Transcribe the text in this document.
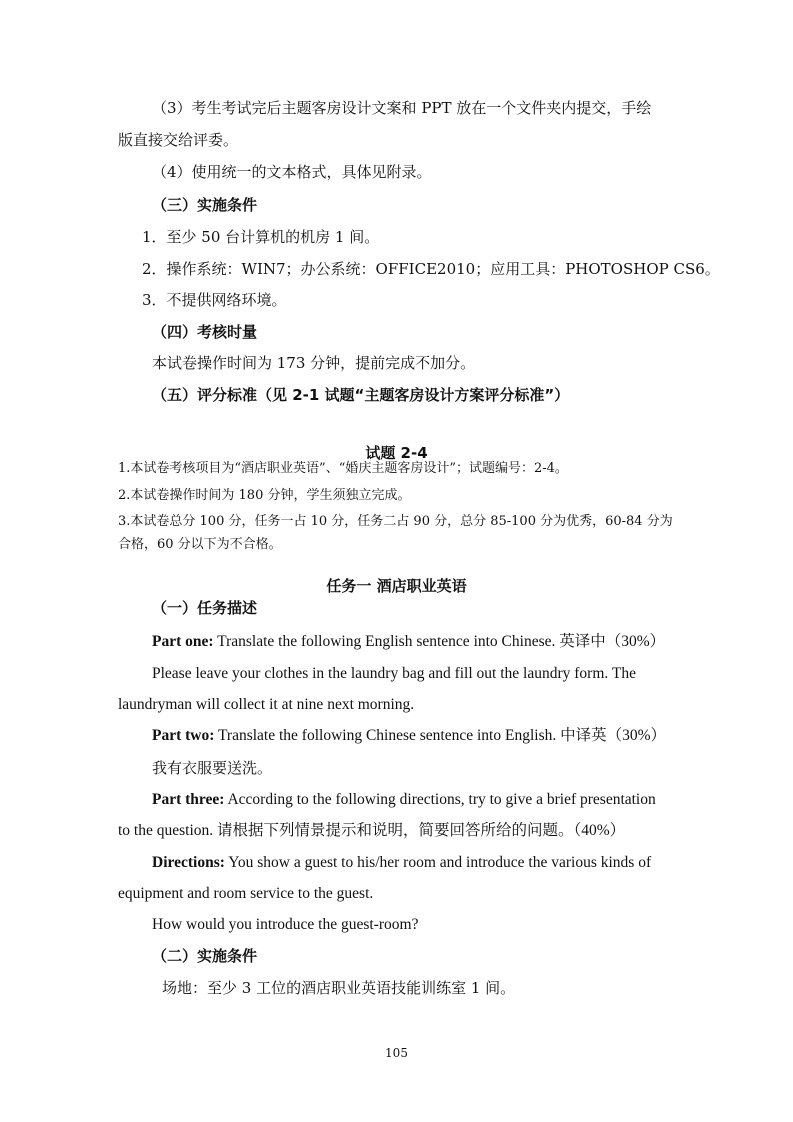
（3）考生考试完后主题客房设计文案和 PPT 放在一个文件夹内提交，手绘
版直接交给评委。
（4）使用统一的文本格式，具体见附录。
（三）实施条件
1．至少 50 台计算机的机房 1 间。
2．操作系统：WIN7；办公系统：OFFICE2010；应用工具：PHOTOSHOP CS6。
3．不提供网络环境。
（四）考核时量
本试卷操作时间为 173 分钟，提前完成不加分。
（五）评分标准（见 2-1 试题“主题客房设计方案评分标准”）
试题 2-4
1.本试卷考核项目为“酒店职业英语”、“婚庆主题客房设计”；试题编号：2-4。
2.本试卷操作时间为 180 分钟，学生须独立完成。
3.本试卷总分 100 分，任务一占 10 分，任务二占 90 分，总分 85-100 分为优秀，60-84 分为
合格，60 分以下为不合格。
任务一 酒店职业英语
（一）任务描述
Part one: Translate the following English sentence into Chinese. 英译中（30%）
Please leave your clothes in the laundry bag and fill out the laundry form. The
laundryman will collect it at nine next morning.
Part two: Translate the following Chinese sentence into English. 中译英（30%）
我有衣服要送洗。
Part three: According to the following directions, try to give a brief presentation
to the question. 请根据下列情景提示和说明，简要回答所给的问题。（40%）
Directions: You show a guest to his/her room and introduce the various kinds of
equipment and room service to the guest.
How would you introduce the guest-room?
（二）实施条件
场地：至少 3 工位的酒店职业英语技能训练室 1 间。
105
